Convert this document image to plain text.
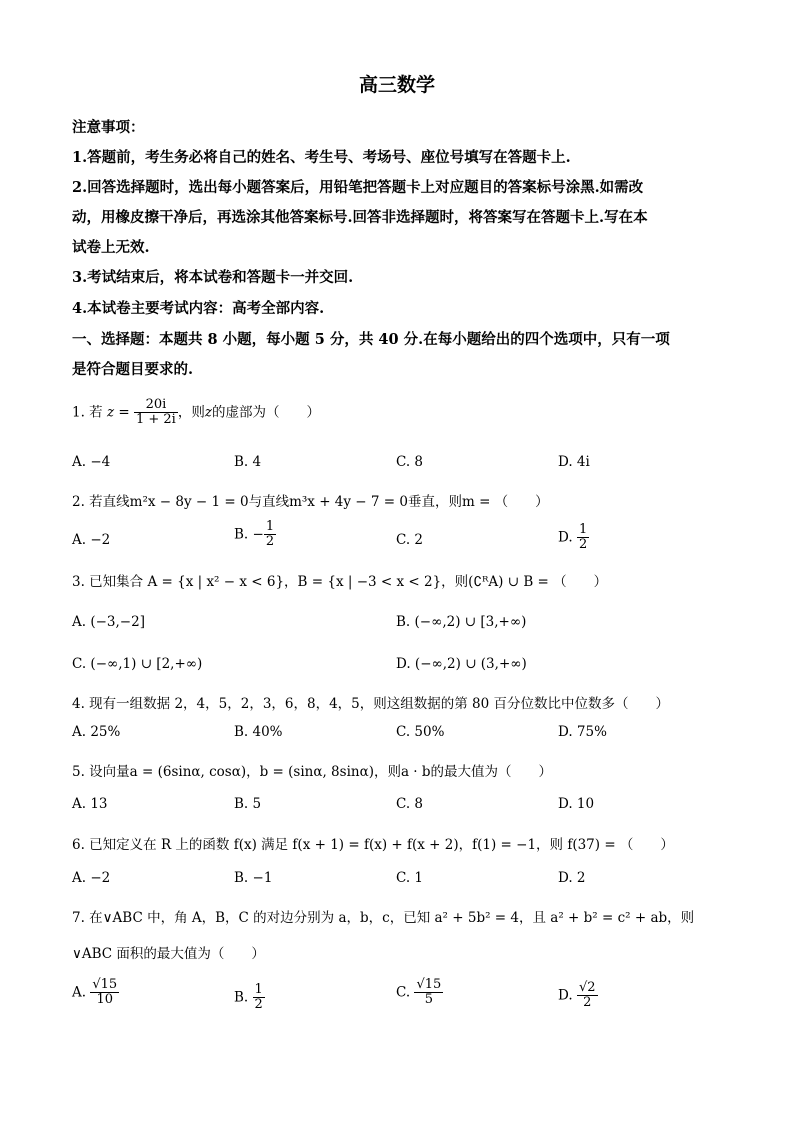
高三数学
注意事项：
1.答题前，考生务必将自己的姓名、考生号、考场号、座位号填写在答题卡上.
2.回答选择题时，选出每小题答案后，用铅笔把答题卡上对应题目的答案标号涂黑.如需改
动，用橡皮擦干净后，再选涂其他答案标号.回答非选择题时，将答案写在答题卡上.写在本
试卷上无效.
3.考试结束后，将本试卷和答题卡一并交回.
4.本试卷主要考试内容：高考全部内容.
一、选择题：本题共 8 小题，每小题 5 分，共 40 分.在每小题给出的四个选项中，只有一项
是符合题目要求的.
1. 若 $z = \frac{20i}{1 + 2i}$ ，则z的虚部为（　　）
A. −4	B. 4	C. 8	D. 4i
2. 若直线m²x − 8y − 1 = 0与直线m³x + 4y − 7 = 0垂直，则m = （　　）
A. −2	B. − $\frac{1}{2}$	C. 2	D. $\frac{1}{2}$
3. 已知集合 A = {x | x² − x < 6}，B = {x | −3 < x < 2}，则(∁ᴿA) ∪ B = （　　）
A. (−3,−2]	B. (−∞,2) ∪ [3,+∞)
C. (−∞,1) ∪ [2,+∞)	D. (−∞,2) ∪ (3,+∞)
4. 现有一组数据 2，4，5，2，3，6，8，4，5，则这组数据的第 80 百分位数比中位数多（　　）
A. 25%	B. 40%	C. 50%	D. 75%
5. 设向量a = (6sinα, cosα)，b = (sinα, 8sinα)，则a · b的最大值为（　　）
A. 13	B. 5	C. 8	D. 10
6. 已知定义在 R 上的函数 f(x) 满足 f(x + 1) = f(x) + f(x + 2)，f(1) = −1，则 f(37) = （　　）
A. −2	B. −1	C. 1	D. 2
7. 在∨ABC 中，角 A，B，C 的对边分别为 a，b，c，已知 a² + 5b² = 4，且 a² + b² = c² + ab，则
∨ABC 面积的最大值为（　　）
A. $\frac{√15}{10}$	B. $\frac{1}{2}$	C. $\frac{√15}{5}$	D. $\frac{√2}{2}$
